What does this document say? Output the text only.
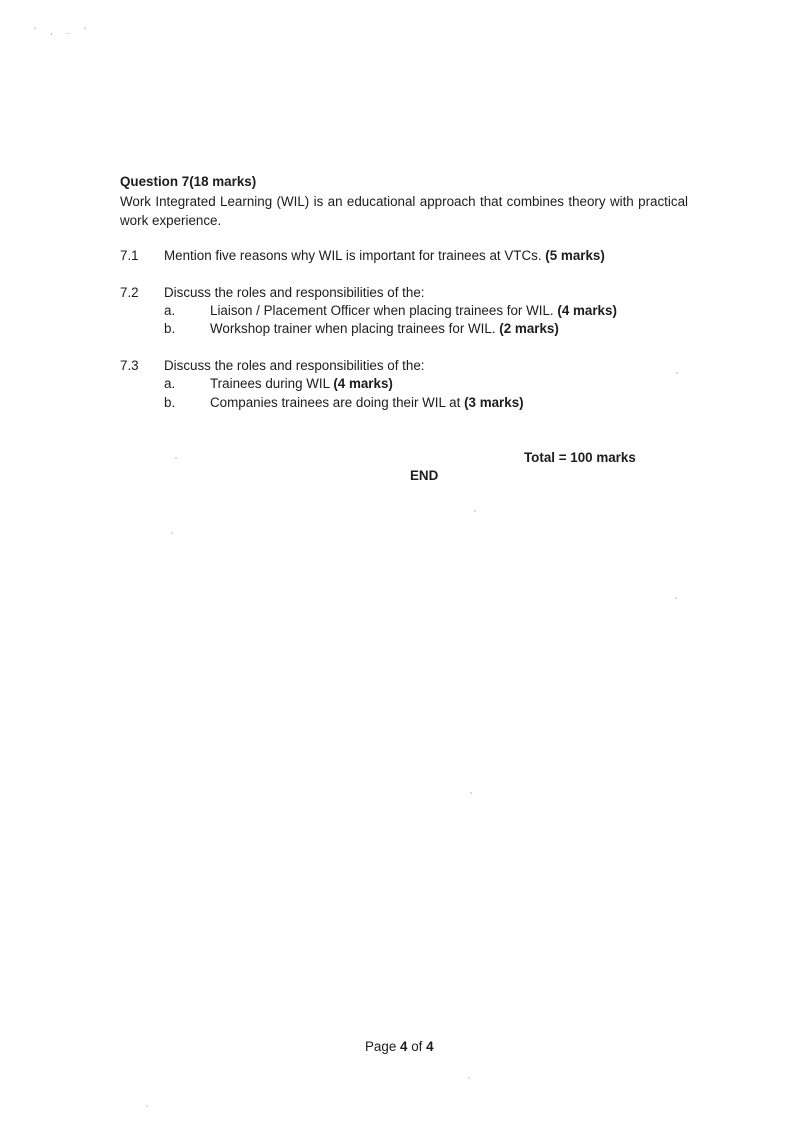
' , . '
Question 7(18 marks)
Work Integrated Learning (WIL) is an educational approach that combines theory with practical work experience.
7.1	Mention five reasons why WIL is important for trainees at VTCs. (5 marks)
7.2	Discuss the roles and responsibilities of the:
a.	Liaison / Placement Officer when placing trainees for WIL. (4 marks)
b.	Workshop trainer when placing trainees for WIL. (2 marks)
7.3	Discuss the roles and responsibilities of the:
a.	Trainees during WIL (4 marks)
b.	Companies trainees are doing their WIL at (3 marks)
Total = 100 marks
END
Page 4 of 4
